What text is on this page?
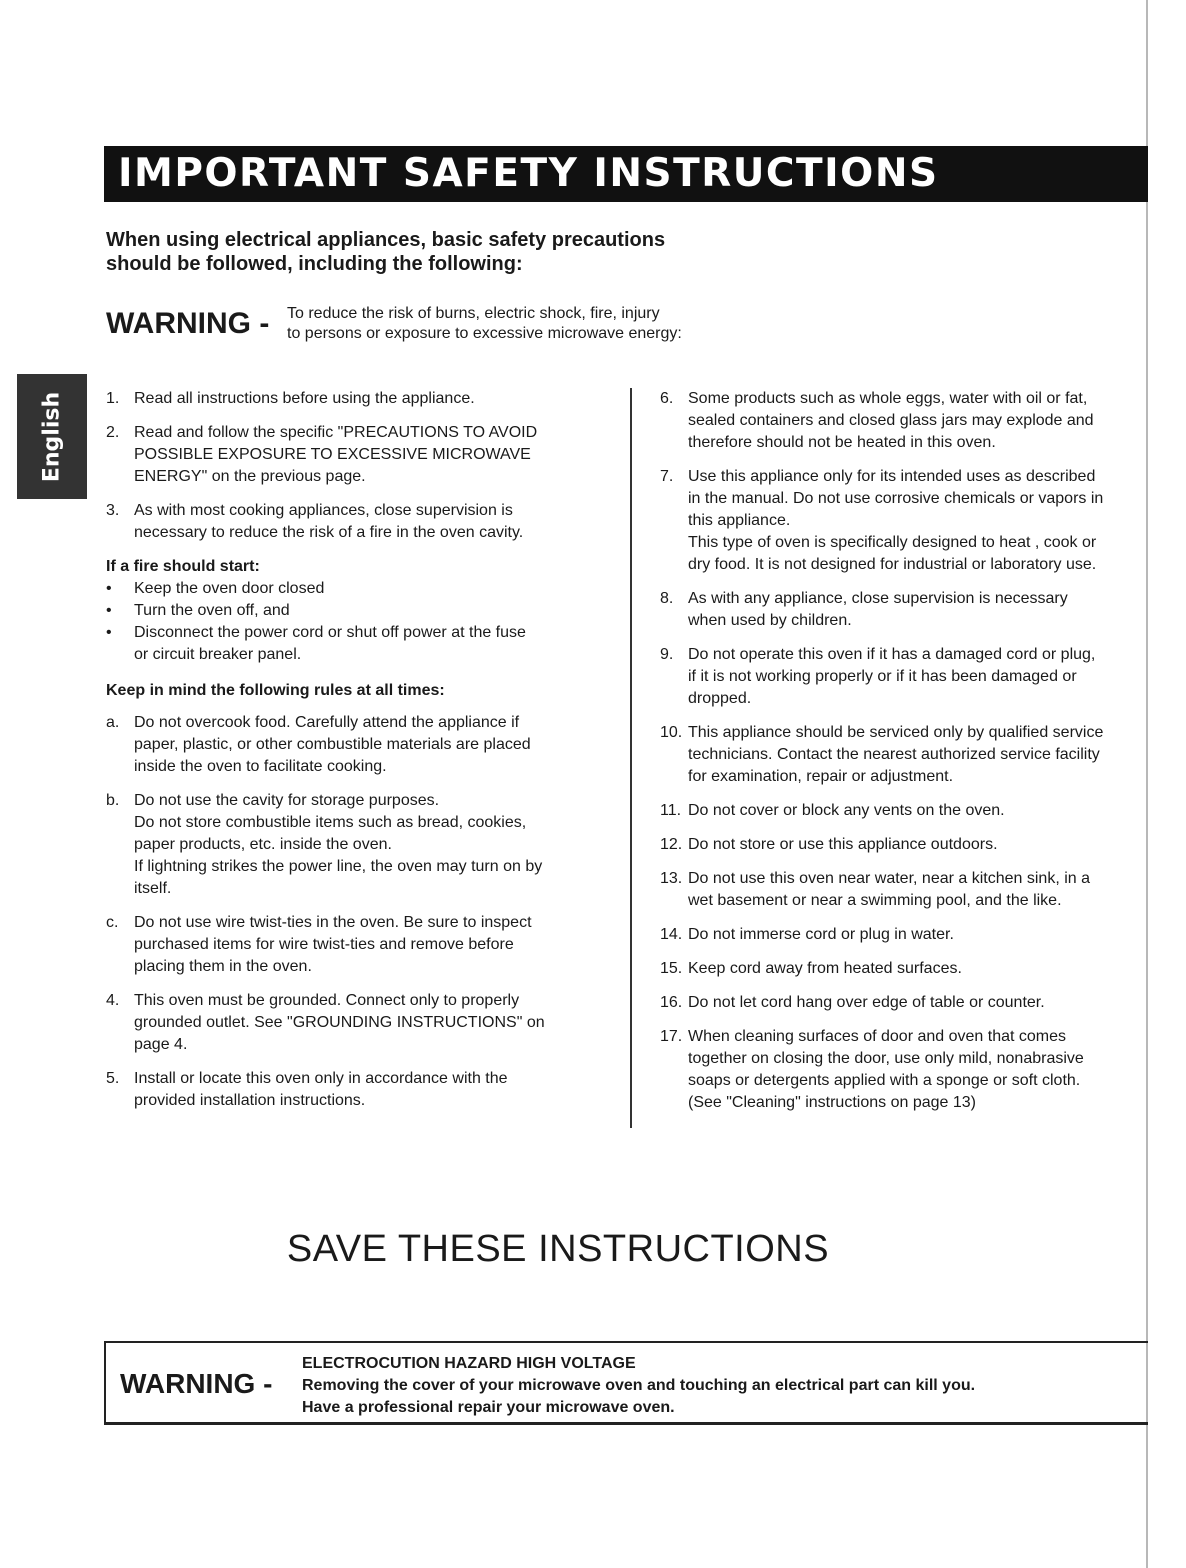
IMPORTANT SAFETY INSTRUCTIONS

When using electrical appliances, basic safety precautions
should be followed, including the following:

WARNING - To reduce the risk of burns, electric shock, fire, injury
to persons or exposure to excessive microwave energy:

English	1. Read all instructions before using the appliance.
2. Read and follow the specific "PRECAUTIONS TO AVOID
POSSIBLE EXPOSURE TO EXCESSIVE MICROWAVE
ENERGY" on the previous page.
3. As with most cooking appliances, close supervision is
necessary to reduce the risk of a fire in the oven cavity.
If a fire should start:
• Keep the oven door closed
• Turn the oven off, and
• Disconnect the power cord or shut off power at the fuse
or circuit breaker panel.
Keep in mind the following rules at all times:
a. Do not overcook food. Carefully attend the appliance if
paper, plastic, or other combustible materials are placed
inside the oven to facilitate cooking.
b. Do not use the cavity for storage purposes.
Do not store combustible items such as bread, cookies,
paper products, etc. inside the oven.
If lightning strikes the power line, the oven may turn on by
itself.
c. Do not use wire twist-ties in the oven. Be sure to inspect
purchased items for wire twist-ties and remove before
placing them in the oven.
4. This oven must be grounded. Connect only to properly
grounded outlet. See "GROUNDING INSTRUCTIONS" on
page 4.
5. Install or locate this oven only in accordance with the
provided installation instructions.
6. Some products such as whole eggs, water with oil or fat,
sealed containers and closed glass jars may explode and
therefore should not be heated in this oven.
7. Use this appliance only for its intended uses as described
in the manual. Do not use corrosive chemicals or vapors in
this appliance.
This type of oven is specifically designed to heat , cook or
dry food. It is not designed for industrial or laboratory use.
8. As with any appliance, close supervision is necessary
when used by children.
9. Do not operate this oven if it has a damaged cord or plug,
if it is not working properly or if it has been damaged or
dropped.
10. This appliance should be serviced only by qualified service
technicians. Contact the nearest authorized service facility
for examination, repair or adjustment.
11. Do not cover or block any vents on the oven.
12. Do not store or use this appliance outdoors.
13. Do not use this oven near water, near a kitchen sink, in a
wet basement or near a swimming pool, and the like.
14. Do not immerse cord or plug in water.
15. Keep cord away from heated surfaces.
16. Do not let cord hang over edge of table or counter.
17. When cleaning surfaces of door and oven that comes
together on closing the door, use only mild, nonabrasive
soaps or detergents applied with a sponge or soft cloth.
(See "Cleaning" instructions on page 13)
SAVE THESE INSTRUCTIONS
WARNING -
ELECTROCUTION HAZARD HIGH VOLTAGE
Removing the cover of your microwave oven and touching an electrical part can kill you.
Have a professional repair your microwave oven.
